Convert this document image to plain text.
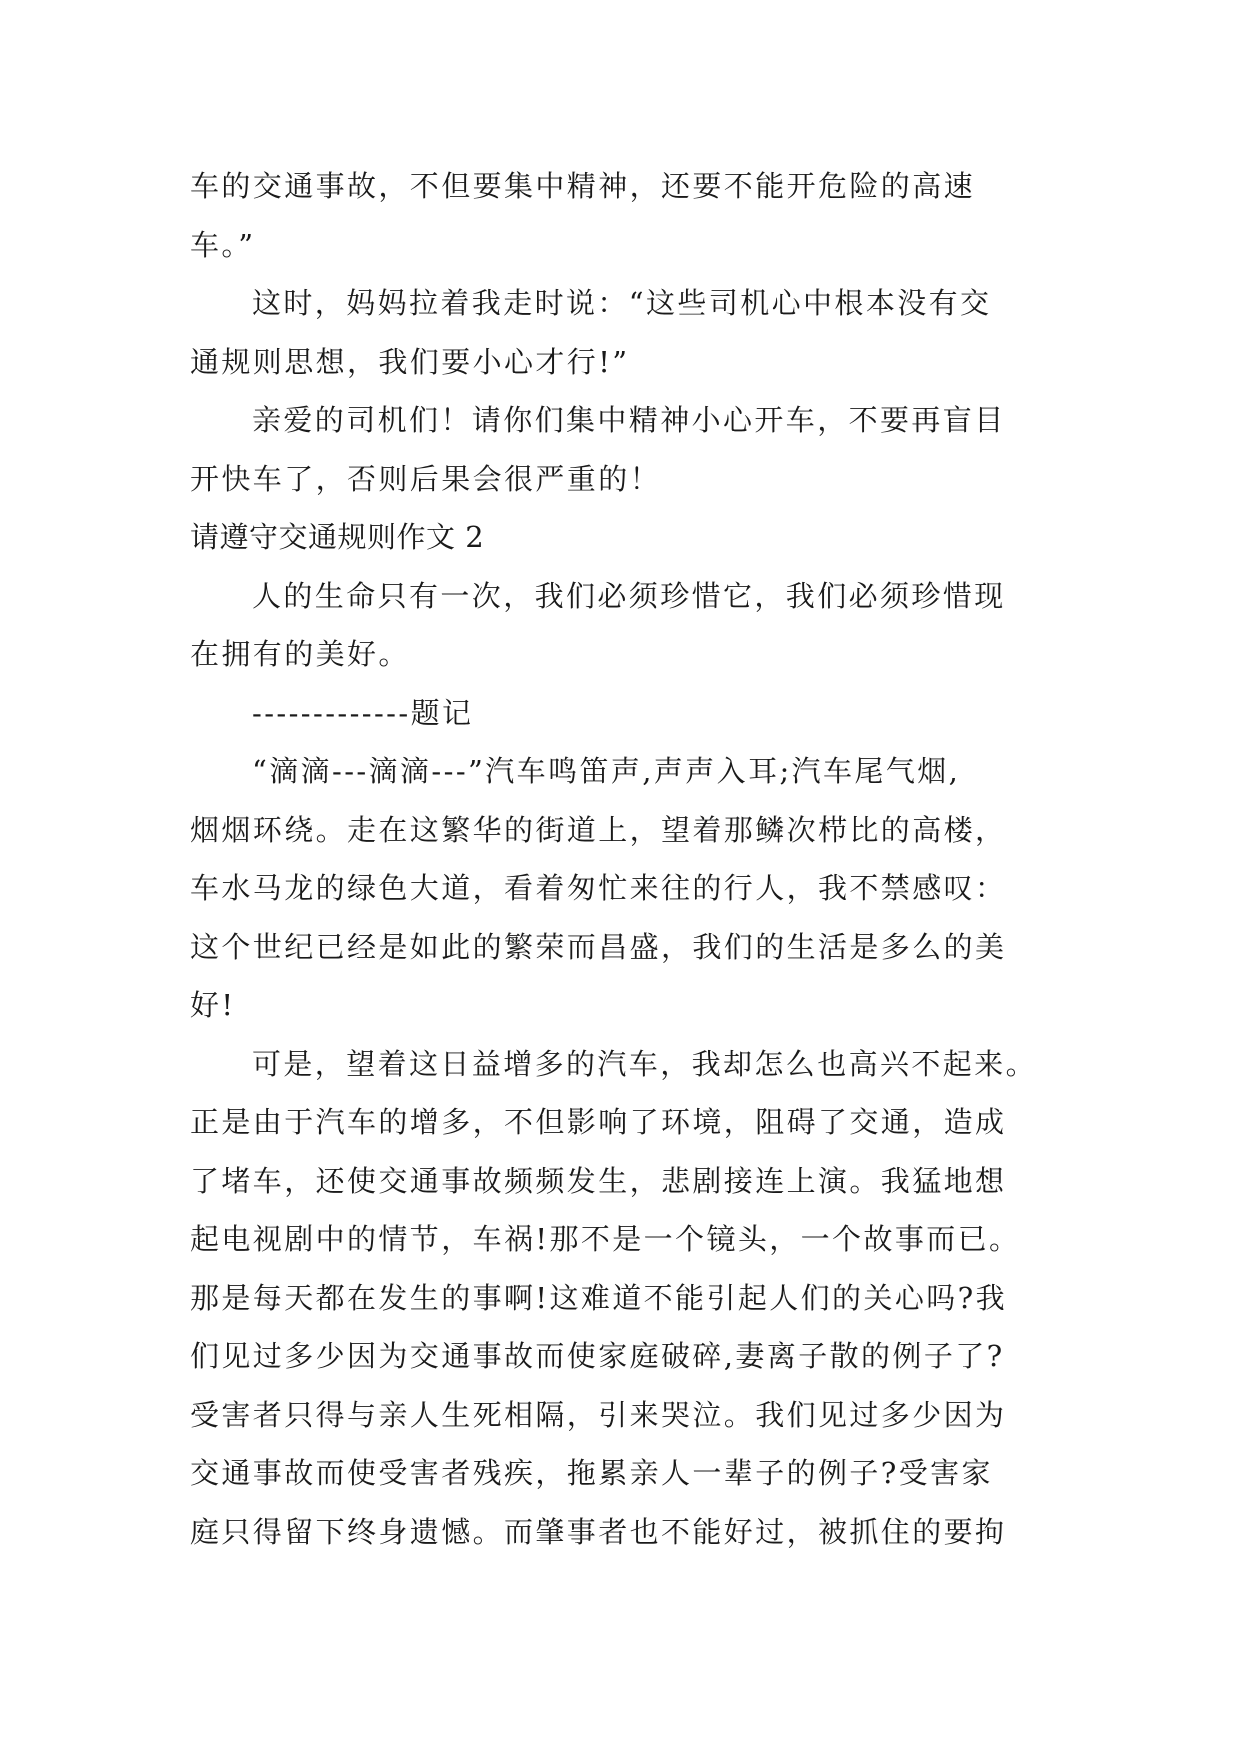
车的交通事故，不但要集中精神，还要不能开危险的高速
车。”
这时，妈妈拉着我走时说：“这些司机心中根本没有交
通规则思想，我们要小心才行!”
亲爱的司机们！请你们集中精神小心开车，不要再盲目
开快车了，否则后果会很严重的！
请遵守交通规则作文 2
人的生命只有一次，我们必须珍惜它，我们必须珍惜现
在拥有的美好。
-------------题记
“滴滴---滴滴---”汽车鸣笛声,声声入耳;汽车尾气烟,
烟烟环绕。走在这繁华的街道上，望着那鳞次栉比的高楼，
车水马龙的绿色大道，看着匆忙来往的行人，我不禁感叹：
这个世纪已经是如此的繁荣而昌盛，我们的生活是多么的美
好!
可是，望着这日益增多的汽车，我却怎么也高兴不起来。
正是由于汽车的增多，不但影响了环境，阻碍了交通，造成
了堵车，还使交通事故频频发生，悲剧接连上演。我猛地想
起电视剧中的情节，车祸!那不是一个镜头，一个故事而已。
那是每天都在发生的事啊!这难道不能引起人们的关心吗?我
们见过多少因为交通事故而使家庭破碎,妻离子散的例子了?
受害者只得与亲人生死相隔，引来哭泣。我们见过多少因为
交通事故而使受害者残疾，拖累亲人一辈子的例子?受害家
庭只得留下终身遗憾。而肇事者也不能好过，被抓住的要拘
